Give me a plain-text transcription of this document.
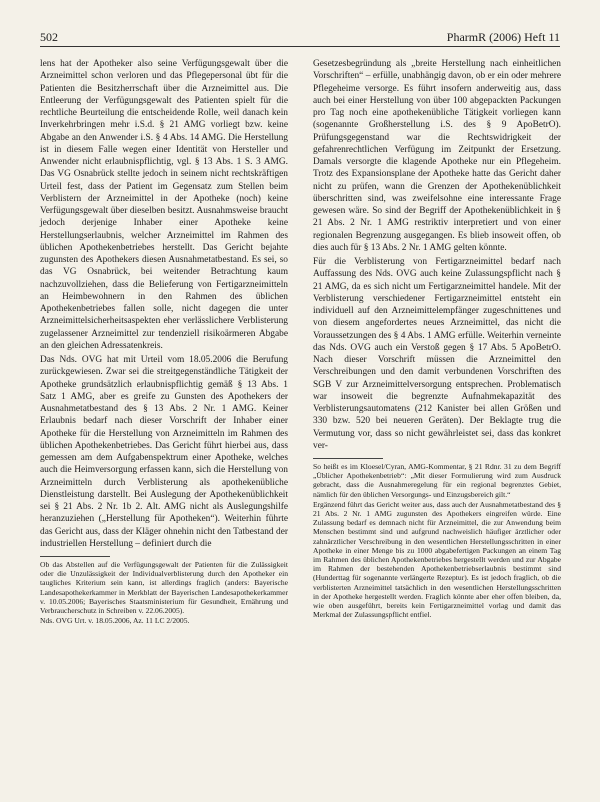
502	PharmR (2006) Heft 11

lens hat der Apotheker also seine Verfügungsgewalt über die Arzneimittel schon verloren und das Pflegepersonal übt für die Patienten die Besitzherrschaft über die Arzneimittel aus. Die Entleerung der Verfügungsgewalt des Patienten spielt für die rechtliche Beurteilung die entscheidende Rolle, weil danach kein Inverkehrbringen mehr i.S.d. § 21 AMG vorliegt bzw. keine Abgabe an den Anwender i.S. § 4 Abs. 14 AMG. Die Herstellung ist in diesem Falle wegen einer Identität von Hersteller und Anwender nicht erlaubnispflichtig, vgl. § 13 Abs. 1 S. 3 AMG. Das VG Osnabrück stellte jedoch in seinem nicht rechtskräftigen Urteil fest, dass der Patient im Gegensatz zum Stellen beim Verblistern der Arzneimittel in der Apotheke (noch) keine Verfügungsgewalt über dieselben besitzt. Ausnahmsweise braucht jedoch derjenige Inhaber einer Apotheke keine Herstellungserlaubnis, welcher Arzneimittel im Rahmen des üblichen Apothekenbetriebes herstellt. Das Gericht bejahte zugunsten des Apothekers diesen Ausnahmetatbestand. Es sei, so das VG Osnabrück, bei weitender Betrachtung kaum nachzuvollziehen, dass die Belieferung von Fertigarzneimitteln an Heimbewohnern in den Rahmen des üblichen Apothekenbetriebes fallen solle, nicht dagegen die unter Arzneimittelsicherheitsaspekten eher verlässlichere Verblisterung zugelassener Arzneimittel zur tendenziell risikoärmeren Abgabe an den gleichen Adressatenkreis.

Das Nds. OVG hat mit Urteil vom 18.05.2006 die Berufung zurückgewiesen. Zwar sei die streitgegenständliche Tätigkeit der Apotheke grundsätzlich erlaubnispflichtig gemäß § 13 Abs. 1 Satz 1 AMG, aber es greife zu Gunsten des Apothekers der Ausnahmetatbestand des § 13 Abs. 2 Nr. 1 AMG. Keiner Erlaubnis bedarf nach dieser Vorschrift der Inhaber einer Apotheke für die Herstellung von Arzneimitteln im Rahmen des üblichen Apothekenbetriebes. Das Gericht führt hierbei aus, dass gemessen am dem Aufgabenspektrum einer Apotheke, welches auch die Heimversorgung erfassen kann, sich die Herstellung von Arzneimitteln durch Verblisterung als apothekenübliche Dienstleistung darstellt. Bei Auslegung der Apothekenüblichkeit sei § 21 Abs. 2 Nr. 1b 2. Alt. AMG nicht als Auslegungshilfe heranzuziehen („Herstellung für Apotheken“). Weiterhin führte das Gericht aus, dass der Kläger ohnehin nicht den Tatbestand der industriellen Herstellung – definiert durch die

Ob das Abstellen auf die Verfügungsgewalt der Patienten für die Zulässigkeit oder die Unzulässigkeit der Individualverblisterung durch den Apotheker ein taugliches Kriterium sein kann, ist allerdings fraglich (anders: Bayerische Landesapothekerkammer in Merkblatt der Bayerischen Landesapothekerkammer v. 10.05.2006; Bayerisches Staatsministerium für Gesundheit, Ernährung und Verbraucherschutz in Schreiben v. 22.06.2005).

Nds. OVG Urt. v. 18.05.2006, Az. 11 LC 2/2005.

Gesetzesbegründung als „breite Herstellung nach einheitlichen Vorschriften“ – erfülle, unabhängig davon, ob er ein oder mehrere Pflegeheime versorge. Es führt insofern anderweitig aus, dass auch bei einer Herstellung von über 100 abgepackten Packungen pro Tag noch eine apothekenübliche Tätigkeit vorliegen kann (sogenannte Großherstellung i.S. des § 9 ApoBetrO). Prüfungsgegenstand war die Rechtswidrigkeit der gefahrenrechtlichen Verfügung im Zeitpunkt der Ersetzung. Damals versorgte die klagende Apotheke nur ein Pflegeheim. Trotz des Expansionsplane der Apotheke hatte das Gericht daher nicht zu prüfen, wann die Grenzen der Apothekenüblichkeit überschritten sind, was zweifelsohne eine interessante Frage gewesen wäre. So sind der Begriff der Apothekenüblichkeit in § 21 Abs. 2 Nr. 1 AMG restriktiv interpretiert und von einer regionalen Begrenzung ausgegangen. Es blieb insoweit offen, ob dies auch für § 13 Abs. 2 Nr. 1 AMG gelten könnte.

Für die Verblisterung von Fertigarzneimittel bedarf nach Auffassung des Nds. OVG auch keine Zulassungspflicht nach § 21 AMG, da es sich nicht um Fertigarzneimittel handele. Mit der Verblisterung verschiedener Fertigarzneimittel entsteht ein individuell auf den Arzneimittelempfänger zugeschnittenes und von diesem angefordertes neues Arzneimittel, das nicht die Voraussetzungen des § 4 Abs. 1 AMG erfülle. Weiterhin verneinte das Nds. OVG auch ein Verstoß gegen § 17 Abs. 5 ApoBetrO. Nach dieser Vorschrift müssen die Arzneimittel den Verschreibungen und den damit verbundenen Vorschriften des SGB V zur Arzneimittelversorgung entsprechen. Problematisch war insoweit die begrenzte Aufnahmekapazität des Verblisterungsautomatens (212 Kanister bei allen Größen und 330 bzw. 520 bei neueren Geräten). Der Beklagte trug die Vermutung vor, dass so nicht gewährleistet sei, dass das konkret ver-

So heißt es im Kloesel/Cyran, AMG-Kommentar, § 21 Rdnr. 31 zu dem Begriff „Üblicher Apothekenbetrieb“: „Mit dieser Formulierung wird zum Ausdruck gebracht, dass die Ausnahmeregelung für ein regional begrenztes Gebiet, nämlich für den üblichen Versorgungs- und Einzugsbereich gilt.“

Ergänzend führt das Gericht weiter aus, dass auch der Ausnahmetatbestand des § 21 Abs. 2 Nr. 1 AMG zugunsten des Apothekers eingreifen würde. Eine Zulassung bedarf es demnach nicht für Arzneimittel, die zur Anwendung beim Menschen bestimmt sind und aufgrund nachweislich häufiger ärztlicher oder zahnärztlicher Verschreibung in den wesentlichen Herstellungsschritten in einer Apotheke in einer Menge bis zu 1000 abgabefertigen Packungen an einem Tag im Rahmen des üblichen Apothekenbetriebes hergestellt werden und zur Abgabe im Rahmen der bestehenden Apothekenbetriebserlaubnis bestimmt sind (Hunderttag für sogenannte verlängerte Rezeptur). Es ist jedoch fraglich, ob die verblisterten Arzneimittel tatsächlich in den wesentlichen Herstellungsschritten in der Apotheke hergestellt werden. Fraglich könnte aber eher offen bleiben, da, wie oben ausgeführt, bereits kein Fertigarzneimittel vorlag und damit das Merkmal der Zulassungspflicht entfiel.
